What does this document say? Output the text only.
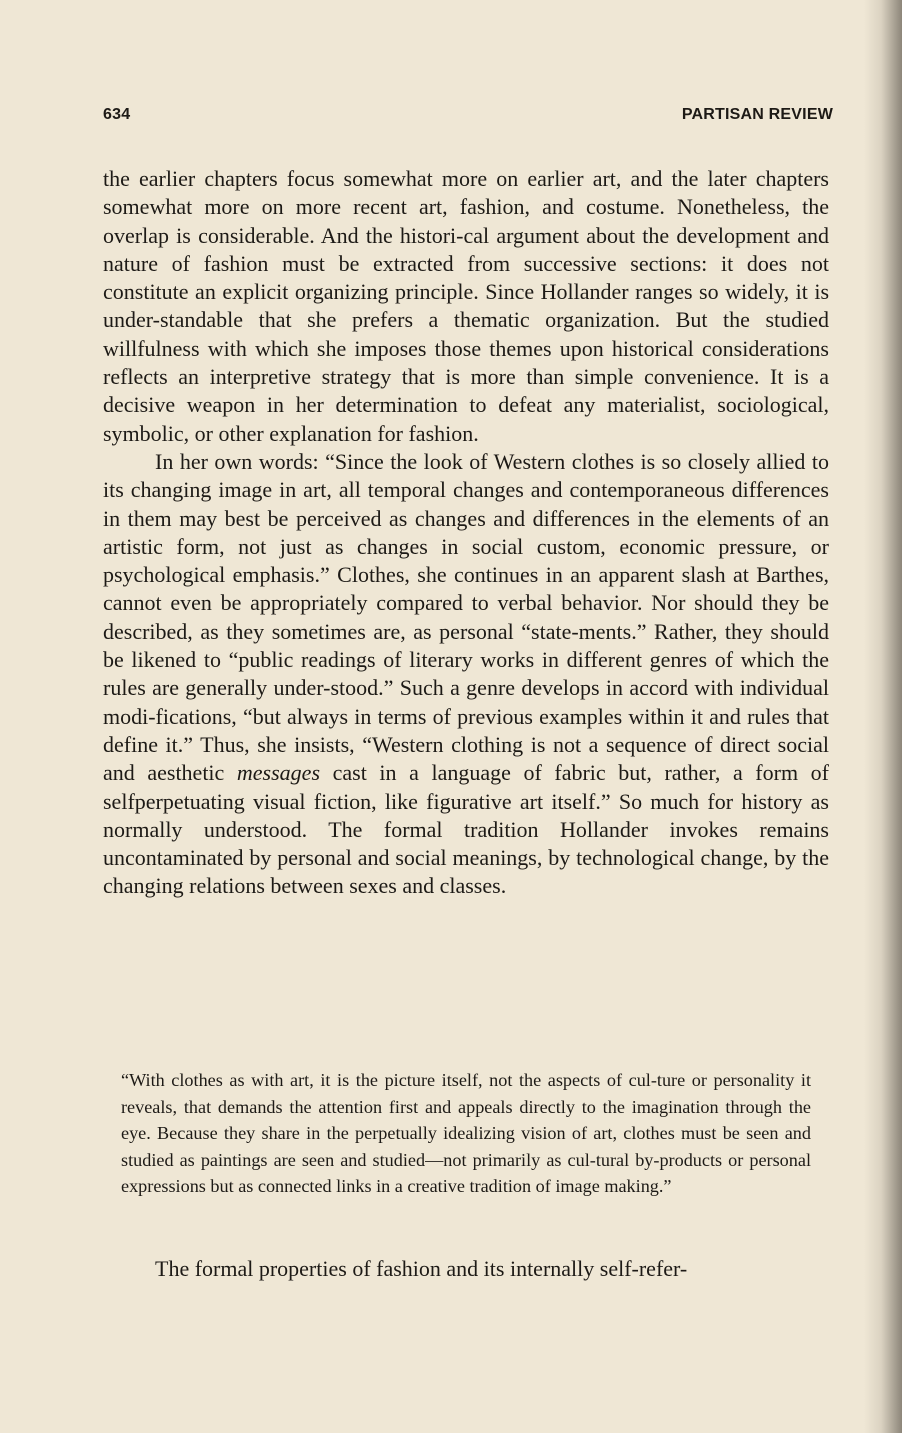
634	PARTISAN REVIEW

the earlier chapters focus somewhat more on earlier art, and the later chapters somewhat more on more recent art, fashion, and costume. Nonetheless, the overlap is considerable. And the histori-cal argument about the development and nature of fashion must be extracted from successive sections: it does not constitute an explicit organizing principle. Since Hollander ranges so widely, it is under-standable that she prefers a thematic organization. But the studied willfulness with which she imposes those themes upon historical considerations reflects an interpretive strategy that is more than simple convenience. It is a decisive weapon in her determination to defeat any materialist, sociological, symbolic, or other explanation for fashion.

In her own words: “Since the look of Western clothes is so closely allied to its changing image in art, all temporal changes and contemporaneous differences in them may best be perceived as changes and differences in the elements of an artistic form, not just as changes in social custom, economic pressure, or psychological emphasis.” Clothes, she continues in an apparent slash at Barthes, cannot even be appropriately compared to verbal behavior. Nor should they be described, as they sometimes are, as personal “state-ments.” Rather, they should be likened to “public readings of literary works in different genres of which the rules are generally under-stood.” Such a genre develops in accord with individual modi-fications, “but always in terms of previous examples within it and rules that define it.” Thus, she insists, “Western clothing is not a sequence of direct social and aesthetic messages cast in a language of fabric but, rather, a form of selfperpetuating visual fiction, like figurative art itself.” So much for history as normally understood. The formal tradition Hollander invokes remains uncontaminated by personal and social meanings, by technological change, by the changing relations between sexes and classes.

“With clothes as with art, it is the picture itself, not the aspects of cul-ture or personality it reveals, that demands the attention first and appeals directly to the imagination through the eye. Because they share in the perpetually idealizing vision of art, clothes must be seen and studied as paintings are seen and studied—not primarily as cul-tural by-products or personal expressions but as connected links in a creative tradition of image making.”

The formal properties of fashion and its internally self-refer-
